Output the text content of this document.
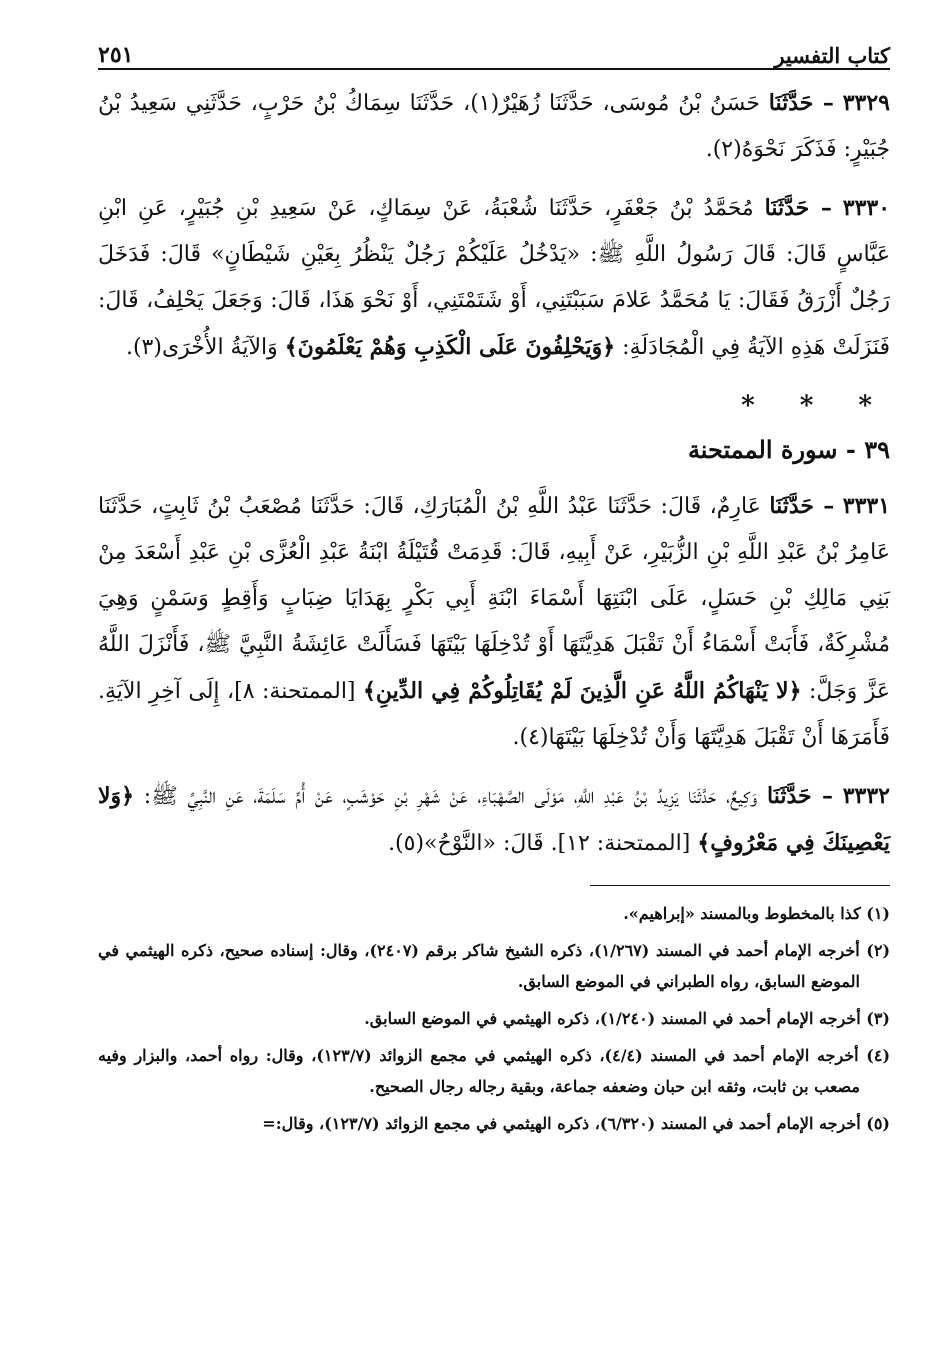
كتاب التفسير
٢٥١

٣٣٢٩ – حَدَّثَنَا حَسَنُ بْنُ مُوسَى، حَدَّثَنَا زُهَيْرٌ(١)، حَدَّثَنَا سِمَاكُ بْنُ حَرْبٍ، حَدَّثَنِي سَعِيدُ بْنُ جُبَيْرٍ: فَذَكَرَ نَحْوَهُ(٢).

٣٣٣٠ – حَدَّثَنَا مُحَمَّدُ بْنُ جَعْفَرٍ، حَدَّثَنَا شُعْبَةُ، عَنْ سِمَاكٍ، عَنْ سَعِيدِ بْنِ جُبَيْرٍ، عَنِ ابْنِ عَبَّاسٍ قَالَ: قَالَ رَسُولُ اللَّهِ ﷺ: «يَدْخُلُ عَلَيْكُمْ رَجُلٌ يَنْظُرُ بِعَيْنِ شَيْطَانٍ» قَالَ: فَدَخَلَ رَجُلٌ أَزْرَقُ فَقَالَ: يَا مُحَمَّدُ عَلامَ سَبَبْتَنِي، أَوْ شَتَمْتَنِي، أَوْ نَحْوَ هَذَا، قَالَ: وَجَعَلَ يَحْلِفُ، قَالَ: فَنَزَلَتْ هَذِهِ الآيَةُ فِي الْمُجَادَلَةِ: ﴿وَيَحْلِفُونَ عَلَى الْكَذِبِ وَهُمْ يَعْلَمُونَ﴾ وَالآيَةُ الأُخْرَى(٣).

* * *
٣٩ - سورة الممتحنة

٣٣٣١ – حَدَّثَنَا عَارِمٌ، قَالَ: حَدَّثَنَا عَبْدُ اللَّهِ بْنُ الْمُبَارَكِ، قَالَ: حَدَّثَنَا مُصْعَبُ بْنُ ثَابِتٍ، حَدَّثَنَا عَامِرُ بْنُ عَبْدِ اللَّهِ بْنِ الزُّبَيْرِ، عَنْ أَبِيهِ، قَالَ: قَدِمَتْ قُتَيْلَةُ ابْنَةُ عَبْدِ الْعُزَّى بْنِ عَبْدِ أَسْعَدَ مِنْ بَنِي مَالِكِ بْنِ حَسَلٍ، عَلَى ابْنَتِهَا أَسْمَاءَ ابْنَةِ أَبِي بَكْرٍ بِهَدَايَا ضِبَابٍ وَأَقِطٍ وَسَمْنٍ وَهِيَ مُشْرِكَةٌ، فَأَبَتْ أَسْمَاءُ أَنْ تَقْبَلَ هَدِيَّتَهَا أَوْ تُدْخِلَهَا بَيْتَهَا فَسَأَلَتْ عَائِشَةُ النَّبِيَّ ﷺ، فَأَنْزَلَ اللَّهُ عَزَّ وَجَلَّ: ﴿لا يَنْهَاكُمُ اللَّهُ عَنِ الَّذِينَ لَمْ يُقَاتِلُوكُمْ فِي الدِّينِ﴾ [الممتحنة: ٨]، إِلَى آخِرِ الآيَةِ. فَأَمَرَهَا أَنْ تَقْبَلَ هَدِيَّتَهَا وَأَنْ تُدْخِلَهَا بَيْتَهَا(٤).

٣٣٣٢ – حَدَّثَنَا وَكِيعٌ، حَدَّثَنَا يَزِيدُ بْنُ عَبْدِ اللَّهِ، مَوْلَى الصَّهْبَاءِ، عَنْ شَهْرِ بْنِ حَوْشَبٍ، عَنْ أُمِّ سَلَمَةَ، عَنِ النَّبِيِّ ﷺ: ﴿وَلا يَعْصِينَكَ فِي مَعْرُوفٍ﴾ [الممتحنة: ١٢]. قَالَ: «النَّوْحُ»(٥).

(١) كذا بالمخطوط وبالمسند «إبراهيم».

(٢) أخرجه الإمام أحمد في المسند (١/٢٦٧)، ذكره الشيخ شاكر برقم (٢٤٠٧)، وقال: إسناده صحيح، ذكره الهيثمي في الموضع السابق، رواه الطبراني في الموضع السابق.

(٣) أخرجه الإمام أحمد في المسند (١/٢٤٠)، ذكره الهيثمي في الموضع السابق.

(٤) أخرجه الإمام أحمد في المسند (٤/٤)، ذكره الهيثمي في مجمع الزوائد (١٢٣/٧)، وقال: رواه أحمد، والبزار وفيه مصعب بن ثابت، وثقه ابن حبان وضعفه جماعة، وبقية رجاله رجال الصحيح.

(٥) أخرجه الإمام أحمد في المسند (٦/٣٢٠)، ذكره الهيثمي في مجمع الزوائد (١٢٣/٧)، وقال:=
